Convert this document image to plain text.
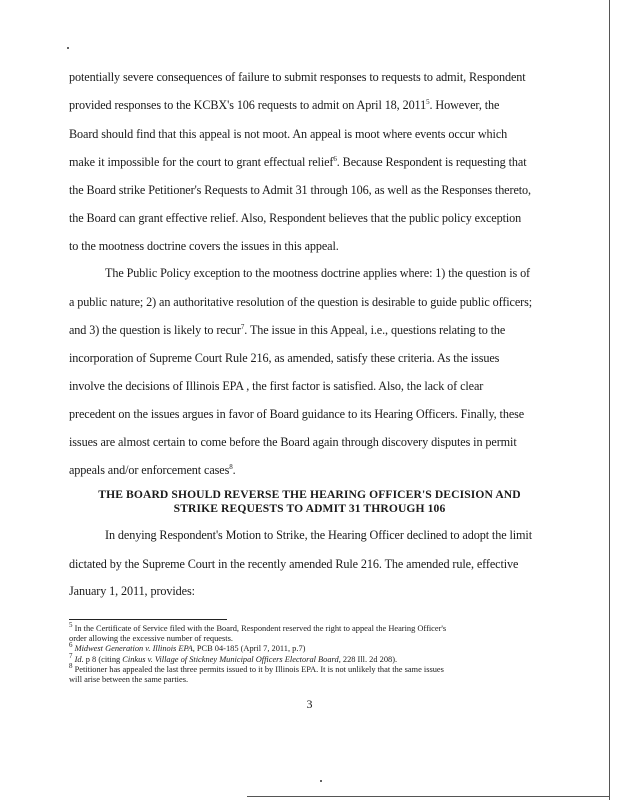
potentially severe consequences of failure to submit responses to requests to admit, Respondent
provided responses to the KCBX's 106 requests to admit on April 18, 2011$^5$. However, the
Board should find that this appeal is not moot. An appeal is moot where events occur which
make it impossible for the court to grant effectual relief$^6$. Because Respondent is requesting that
the Board strike Petitioner's Requests to Admit 31 through 106, as well as the Responses thereto,
the Board can grant effective relief. Also, Respondent believes that the public policy exception
to the mootness doctrine covers the issues in this appeal.
The Public Policy exception to the mootness doctrine applies where: 1) the question is of
a public nature; 2) an authoritative resolution of the question is desirable to guide public officers;
and 3) the question is likely to recur$^7$. The issue in this Appeal, i.e., questions relating to the
incorporation of Supreme Court Rule 216, as amended, satisfy these criteria. As the issues
involve the decisions of Illinois EPA , the first factor is satisfied. Also, the lack of clear
precedent on the issues argues in favor of Board guidance to its Hearing Officers. Finally, these
issues are almost certain to come before the Board again through discovery disputes in permit
appeals and/or enforcement cases$^8$.
THE BOARD SHOULD REVERSE THE HEARING OFFICER'S DECISION AND
STRIKE REQUESTS TO ADMIT 31 THROUGH 106
In denying Respondent's Motion to Strike, the Hearing Officer declined to adopt the limit
dictated by the Supreme Court in the recently amended Rule 216. The amended rule, effective
January 1, 2011, provides:
$^5$ In the Certificate of Service filed with the Board, Respondent reserved the right to appeal the Hearing Officer's
order allowing the excessive number of requests.
$^6$ Midwest Generation v. Illinois EPA, PCB 04-185 (April 7, 2011, p.7)
$^7$ Id. p 8 (citing Cinkus v. Village of Stickney Municipal Officers Electoral Board, 228 Ill. 2d 208).
$^8$ Petitioner has appealed the last three permits issued to it by Illinois EPA. It is not unlikely that the same issues
will arise between the same parties.
3
